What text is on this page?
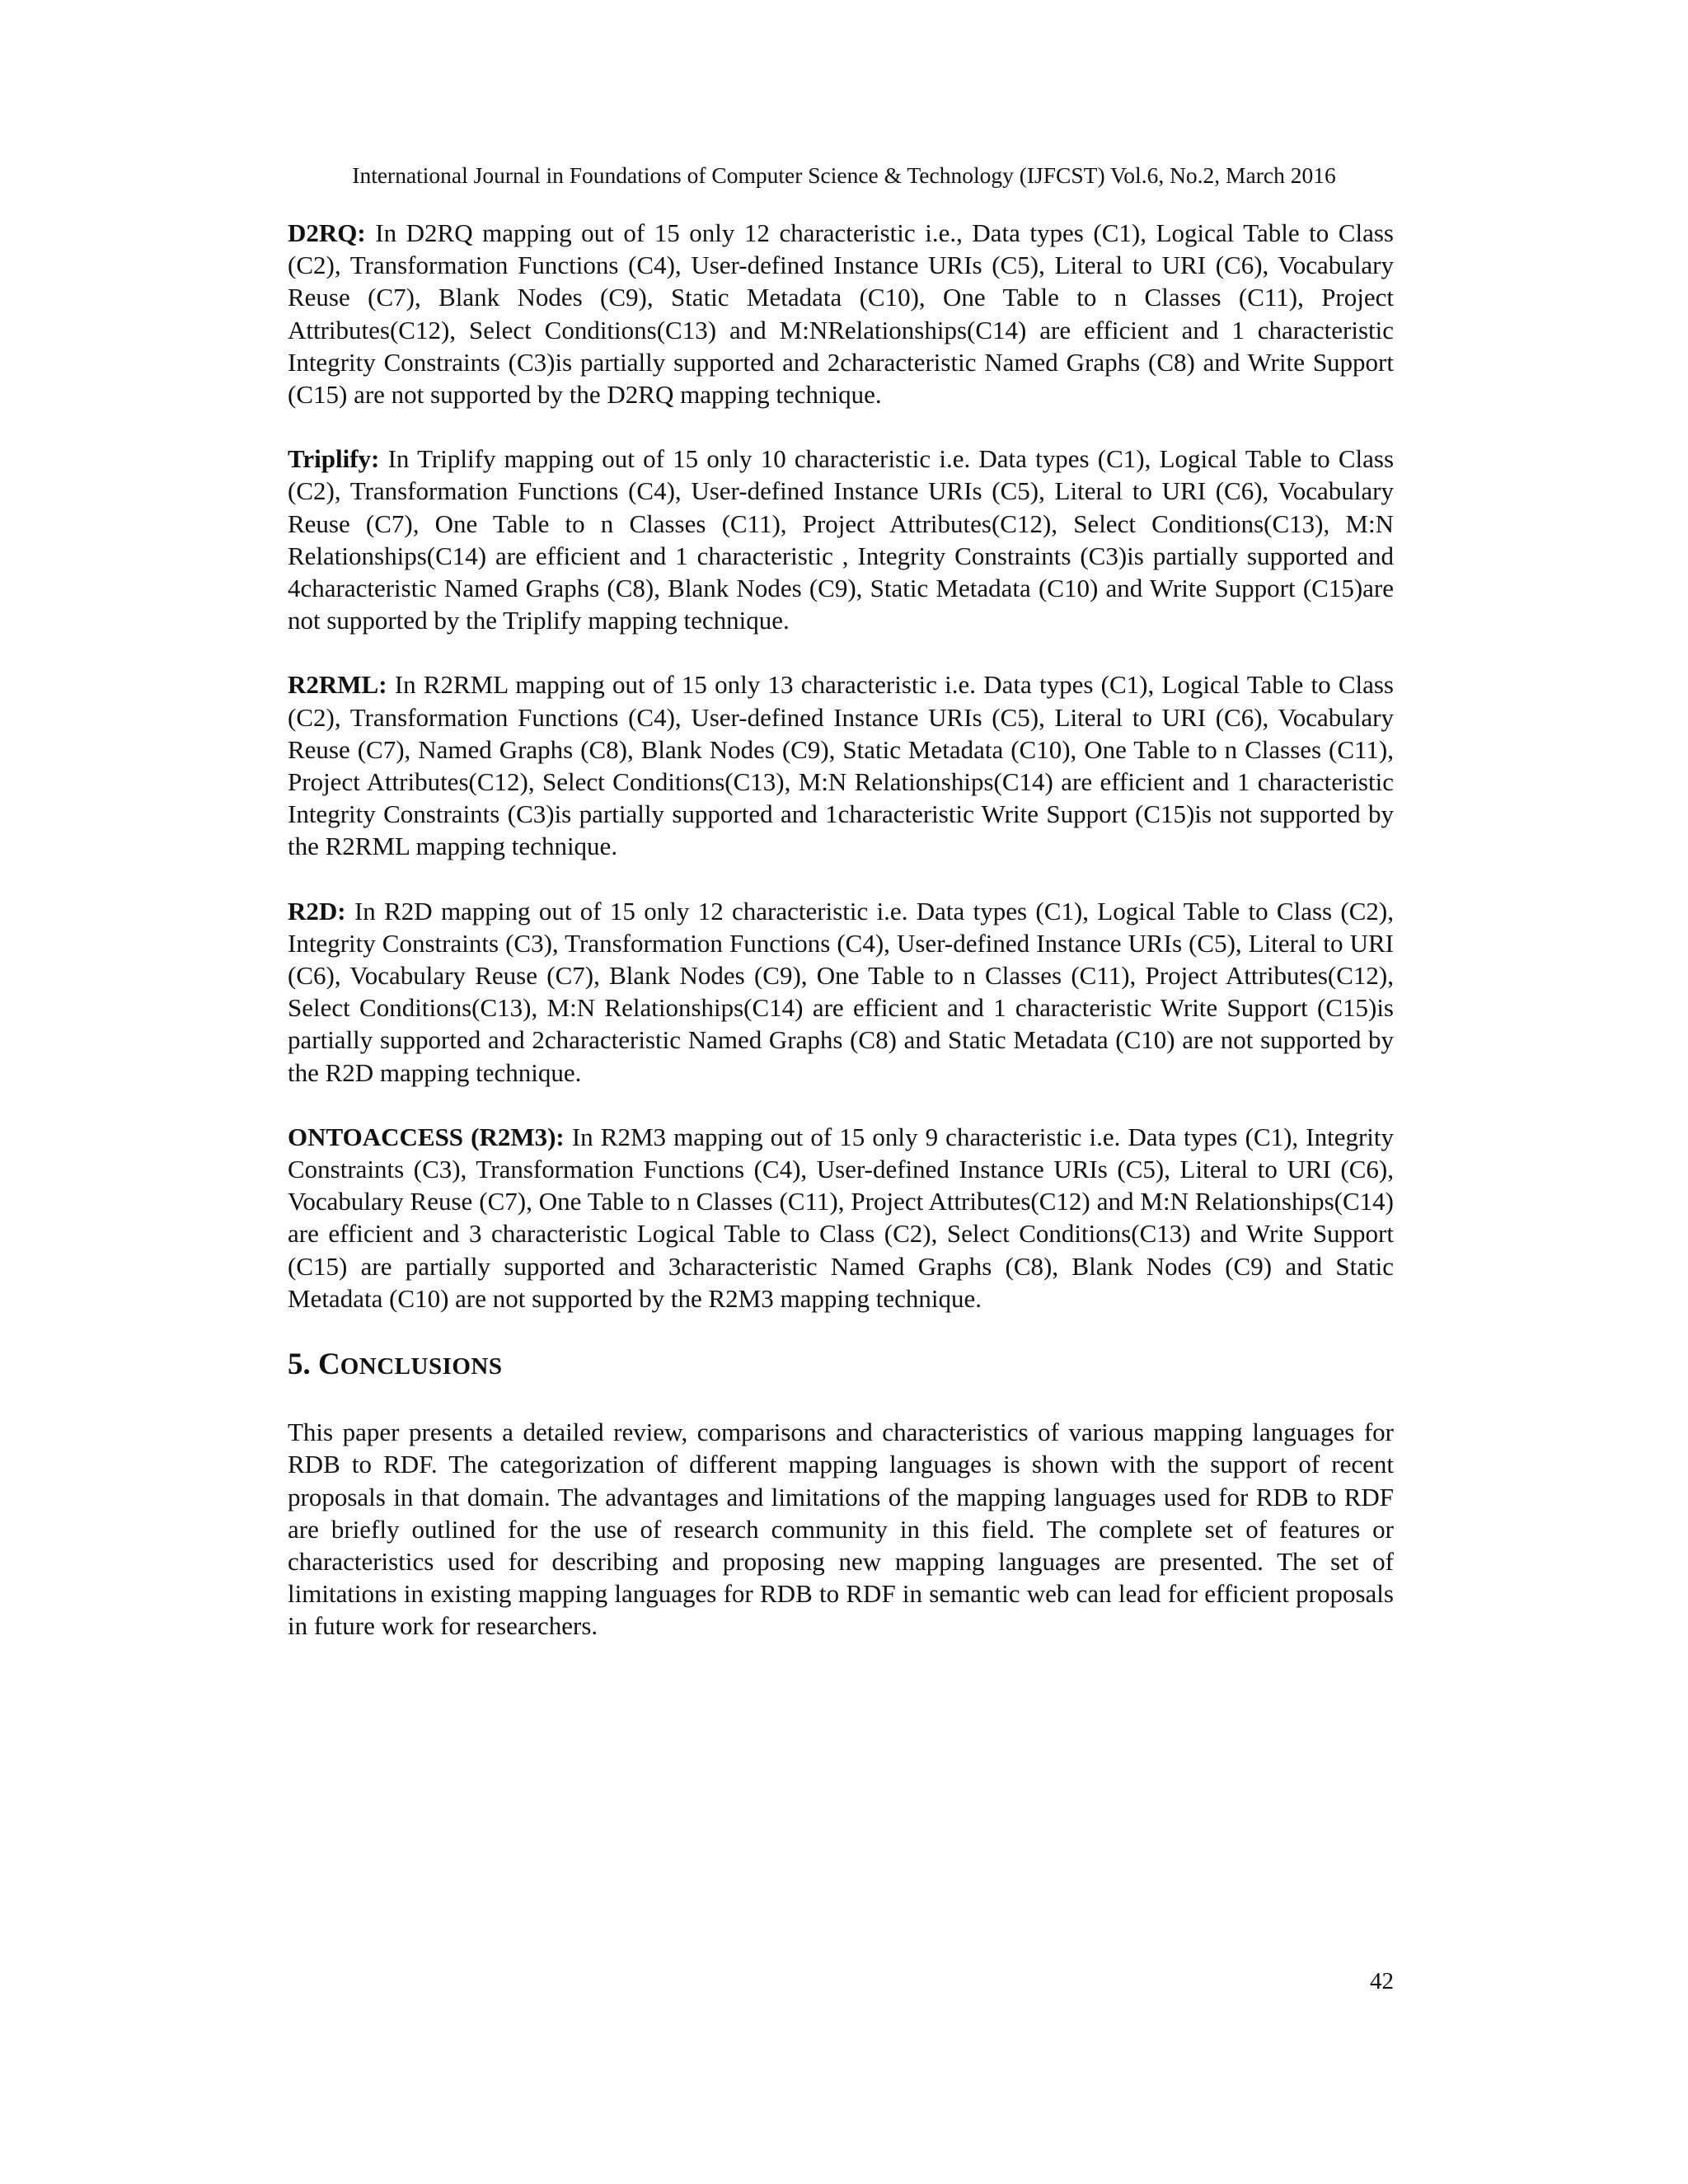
International Journal in Foundations of Computer Science & Technology (IJFCST) Vol.6, No.2, March 2016

D2RQ: In D2RQ mapping out of 15 only 12 characteristic i.e., Data types (C1), Logical Table to Class (C2), Transformation Functions (C4), User-defined Instance URIs (C5), Literal to URI (C6), Vocabulary Reuse (C7), Blank Nodes (C9), Static Metadata (C10), One Table to n Classes (C11), Project Attributes(C12), Select Conditions(C13) and M:NRelationships(C14) are efficient and 1 characteristic Integrity Constraints (C3)is partially supported and 2characteristic Named Graphs (C8) and Write Support (C15) are not supported by the D2RQ mapping technique.

Triplify: In Triplify mapping out of 15 only 10 characteristic i.e. Data types (C1), Logical Table to Class (C2), Transformation Functions (C4), User-defined Instance URIs (C5), Literal to URI (C6), Vocabulary Reuse (C7), One Table to n Classes (C11), Project Attributes(C12), Select Conditions(C13), M:N Relationships(C14) are efficient and 1 characteristic , Integrity Constraints (C3)is partially supported and 4characteristic Named Graphs (C8), Blank Nodes (C9), Static Metadata (C10) and Write Support (C15)are not supported by the Triplify mapping technique.

R2RML: In R2RML mapping out of 15 only 13 characteristic i.e. Data types (C1), Logical Table to Class (C2), Transformation Functions (C4), User-defined Instance URIs (C5), Literal to URI (C6), Vocabulary Reuse (C7), Named Graphs (C8), Blank Nodes (C9), Static Metadata (C10), One Table to n Classes (C11), Project Attributes(C12), Select Conditions(C13), M:N Relationships(C14) are efficient and 1 characteristic Integrity Constraints (C3)is partially supported and 1characteristic Write Support (C15)is not supported by the R2RML mapping technique.

R2D: In R2D mapping out of 15 only 12 characteristic i.e. Data types (C1), Logical Table to Class (C2), Integrity Constraints (C3), Transformation Functions (C4), User-defined Instance URIs (C5), Literal to URI (C6), Vocabulary Reuse (C7), Blank Nodes (C9), One Table to n Classes (C11), Project Attributes(C12), Select Conditions(C13), M:N Relationships(C14) are efficient and 1 characteristic Write Support (C15)is partially supported and 2characteristic Named Graphs (C8) and Static Metadata (C10) are not supported by the R2D mapping technique.

ONTOACCESS (R2M3): In R2M3 mapping out of 15 only 9 characteristic i.e. Data types (C1), Integrity Constraints (C3), Transformation Functions (C4), User-defined Instance URIs (C5), Literal to URI (C6), Vocabulary Reuse (C7), One Table to n Classes (C11), Project Attributes(C12) and M:N Relationships(C14) are efficient and 3 characteristic Logical Table to Class (C2), Select Conditions(C13) and Write Support (C15) are partially supported and 3characteristic Named Graphs (C8), Blank Nodes (C9) and Static Metadata (C10) are not supported by the R2M3 mapping technique.

5. CONCLUSIONS

This paper presents a detailed review, comparisons and characteristics of various mapping languages for RDB to RDF. The categorization of different mapping languages is shown with the support of recent proposals in that domain. The advantages and limitations of the mapping languages used for RDB to RDF are briefly outlined for the use of research community in this field. The complete set of features or characteristics used for describing and proposing new mapping languages are presented. The set of limitations in existing mapping languages for RDB to RDF in semantic web can lead for efficient proposals in future work for researchers.

42
